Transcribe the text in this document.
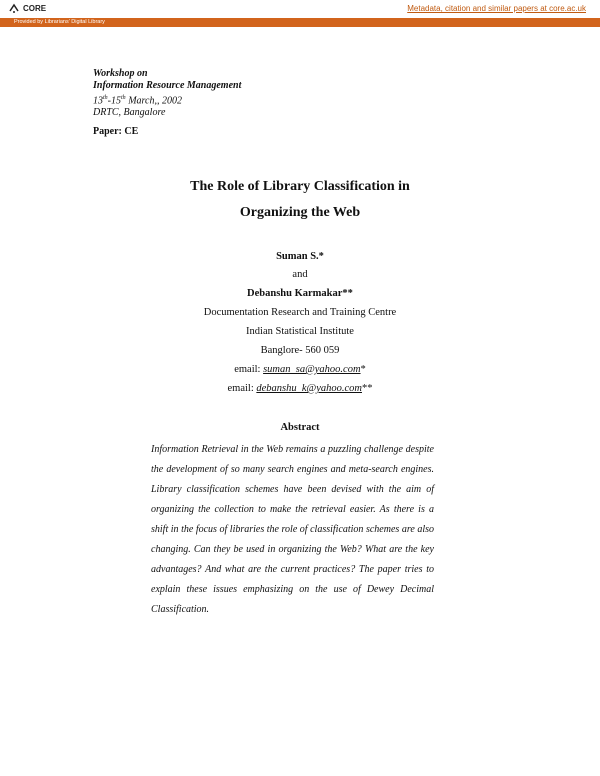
CORE	Metadata, citation and similar papers at core.ac.uk
Provided by Librarians' Digital Library
Workshop on
Information Resource Management
13th-15th March,, 2002
DRTC, Bangalore
Paper: CE
The Role of Library Classification in
Organizing the Web
Suman S.*
and
Debanshu Karmakar**
Documentation Research and Training Centre
Indian Statistical Institute
Banglore- 560 059
email: suman_sa@yahoo.com*
email: debanshu_k@yahoo.com**
Abstract
Information Retrieval in the Web remains a puzzling challenge despite the development of so many search engines and meta-search engines. Library classification schemes have been devised with the aim of organizing the collection to make the retrieval easier. As there is a shift in the focus of libraries the role of classification schemes are also changing. Can they be used in organizing the Web? What are the key advantages? And what are the current practices? The paper tries to explain these issues emphasizing on the use of Dewey Decimal Classification.
